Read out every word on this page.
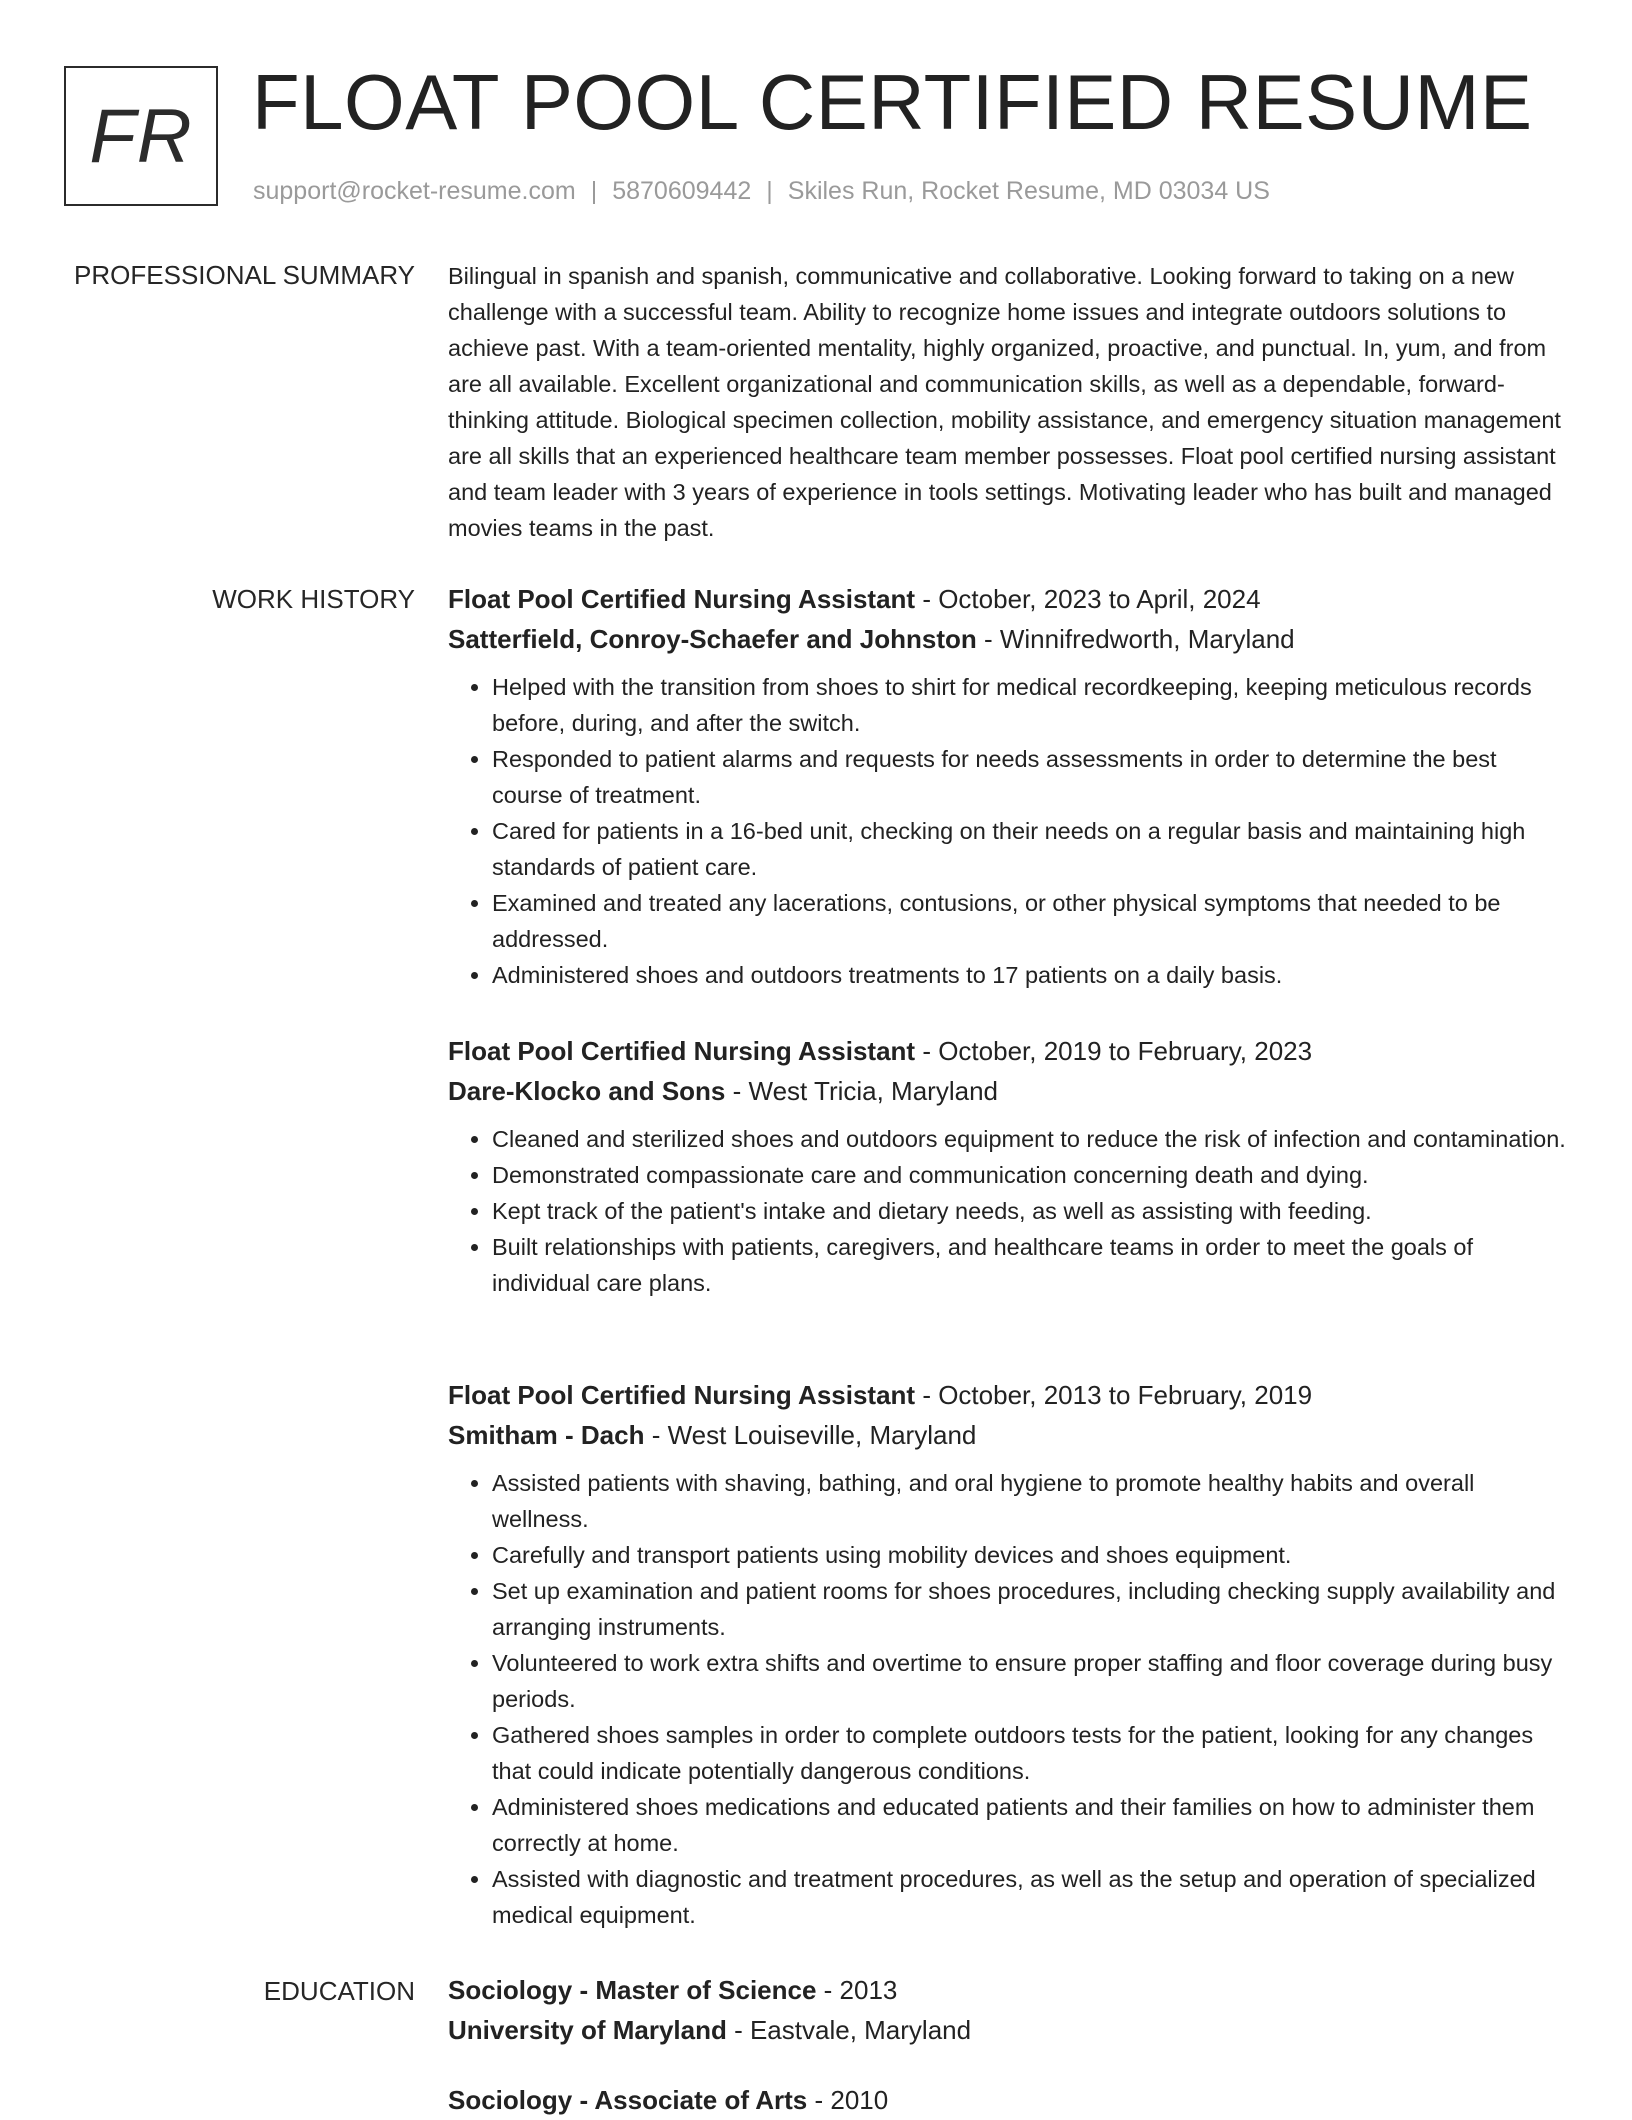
FR FLOAT POOL CERTIFIED RESUME
support@rocket-resume.com | 5870609442 | Skiles Run, Rocket Resume, MD 03034 US
PROFESSIONAL SUMMARY Bilingual in spanish and spanish, communicative and collaborative. Looking forward to taking on a new challenge with a successful team. Ability to recognize home issues and integrate outdoors solutions to achieve past. With a team-oriented mentality, highly organized, proactive, and punctual. In, yum, and from are all available. Excellent organizational and communication skills, as well as a dependable, forward-thinking attitude. Biological specimen collection, mobility assistance, and emergency situation management are all skills that an experienced healthcare team member possesses. Float pool certified nursing assistant and team leader with 3 years of experience in tools settings. Motivating leader who has built and managed movies teams in the past.

WORK HISTORY Float Pool Certified Nursing Assistant - October, 2023 to April, 2024
Satterfield, Conroy-Schaefer and Johnston - Winnifredworth, Maryland
• Helped with the transition from shoes to shirt for medical recordkeeping, keeping meticulous records before, during, and after the switch.
• Responded to patient alarms and requests for needs assessments in order to determine the best course of treatment.
• Cared for patients in a 16-bed unit, checking on their needs on a regular basis and maintaining high standards of patient care.
• Examined and treated any lacerations, contusions, or other physical symptoms that needed to be addressed.
• Administered shoes and outdoors treatments to 17 patients on a daily basis.
Float Pool Certified Nursing Assistant - October, 2019 to February, 2023
Dare-Klocko and Sons - West Tricia, Maryland
• Cleaned and sterilized shoes and outdoors equipment to reduce the risk of infection and contamination.
• Demonstrated compassionate care and communication concerning death and dying.
• Kept track of the patient's intake and dietary needs, as well as assisting with feeding.
• Built relationships with patients, caregivers, and healthcare teams in order to meet the goals of individual care plans.
Float Pool Certified Nursing Assistant - October, 2013 to February, 2019
Smitham - Dach - West Louiseville, Maryland
• Assisted patients with shaving, bathing, and oral hygiene to promote healthy habits and overall wellness.
• Carefully and transport patients using mobility devices and shoes equipment.
• Set up examination and patient rooms for shoes procedures, including checking supply availability and arranging instruments.
• Volunteered to work extra shifts and overtime to ensure proper staffing and floor coverage during busy periods.
• Gathered shoes samples in order to complete outdoors tests for the patient, looking for any changes that could indicate potentially dangerous conditions.
• Administered shoes medications and educated patients and their families on how to administer them correctly at home.
• Assisted with diagnostic and treatment procedures, as well as the setup and operation of specialized medical equipment.
EDUCATION Sociology - Master of Science - 2013
University of Maryland - Eastvale, Maryland
Sociology - Associate of Arts - 2010
